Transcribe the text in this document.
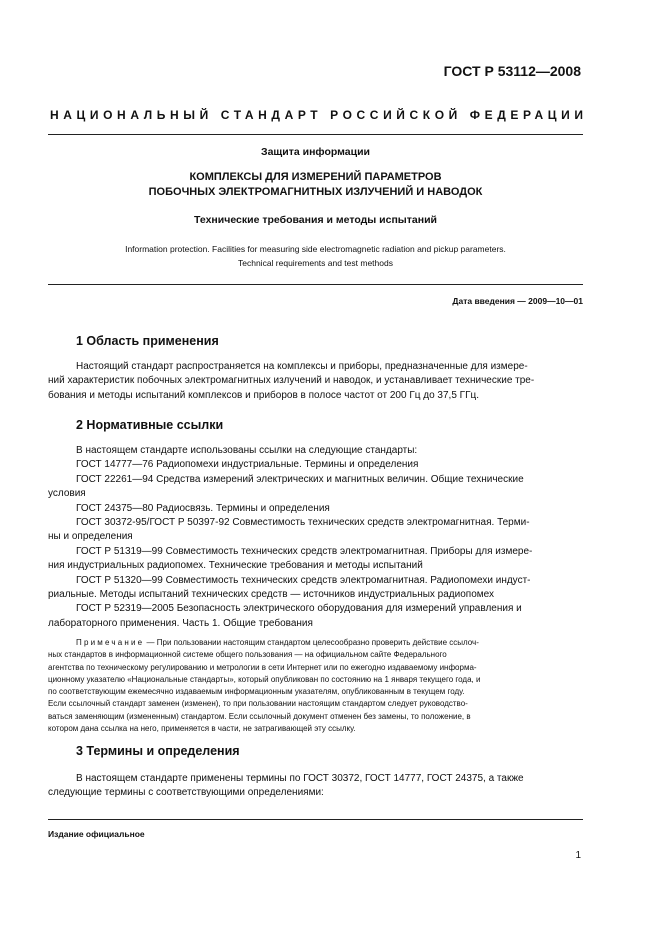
ГОСТ Р 53112—2008
НАЦИОНАЛЬНЫЙ СТАНДАРТ РОССИЙСКОЙ ФЕДЕРАЦИИ
Защита информации
КОМПЛЕКСЫ ДЛЯ ИЗМЕРЕНИЙ ПАРАМЕТРОВ
ПОБОЧНЫХ ЭЛЕКТРОМАГНИТНЫХ ИЗЛУЧЕНИЙ И НАВОДОК
Технические требования и методы испытаний
Information protection. Facilities for measuring side electromagnetic radiation and pickup parameters.
Technical requirements and test methods
Дата введения — 2009—10—01
1 Область применения
Настоящий стандарт распространяется на комплексы и приборы, предназначенные для измере-
ний характеристик побочных электромагнитных излучений и наводок, и устанавливает технические тре-
бования и методы испытаний комплексов и приборов в полосе частот от 200 Гц до 37,5 ГГц.
2 Нормативные ссылки
В настоящем стандарте использованы ссылки на следующие стандарты:
ГОСТ 14777—76 Радиопомехи индустриальные. Термины и определения
ГОСТ 22261—94 Средства измерений электрических и магнитных величин. Общие технические
условия
ГОСТ 24375—80 Радиосвязь. Термины и определения
ГОСТ 30372-95/ГОСТ Р 50397-92 Совместимость технических средств электромагнитная. Терми-
ны и определения
ГОСТ Р 51319—99 Совместимость технических средств электромагнитная. Приборы для измере-
ния индустриальных радиопомех. Технические требования и методы испытаний
ГОСТ Р 51320—99 Совместимость технических средств электромагнитная. Радиопомехи индуст-
риальные. Методы испытаний технических средств — источников индустриальных радиопомех
ГОСТ Р 52319—2005 Безопасность электрического оборудования для измерений управления и
лабораторного применения. Часть 1. Общие требования
Примечание — При пользовании настоящим стандартом целесообразно проверить действие ссылоч-
ных стандартов в информационной системе общего пользования — на официальном сайте Федерального
агентства по техническому регулированию и метрологии в сети Интернет или по ежегодно издаваемому информа-
ционному указателю «Национальные стандарты», который опубликован по состоянию на 1 января текущего года, и
по соответствующим ежемесячно издаваемым информационным указателям, опубликованным в текущем году.
Если ссылочный стандарт заменен (изменен), то при пользовании настоящим стандартом следует руководство-
ваться заменяющим (измененным) стандартом. Если ссылочный документ отменен без замены, то положение, в
котором дана ссылка на него, применяется в части, не затрагивающей эту ссылку.
3 Термины и определения
В настоящем стандарте применены термины по ГОСТ 30372, ГОСТ 14777, ГОСТ 24375, а также
следующие термины с соответствующими определениями:
Издание официальное
1
